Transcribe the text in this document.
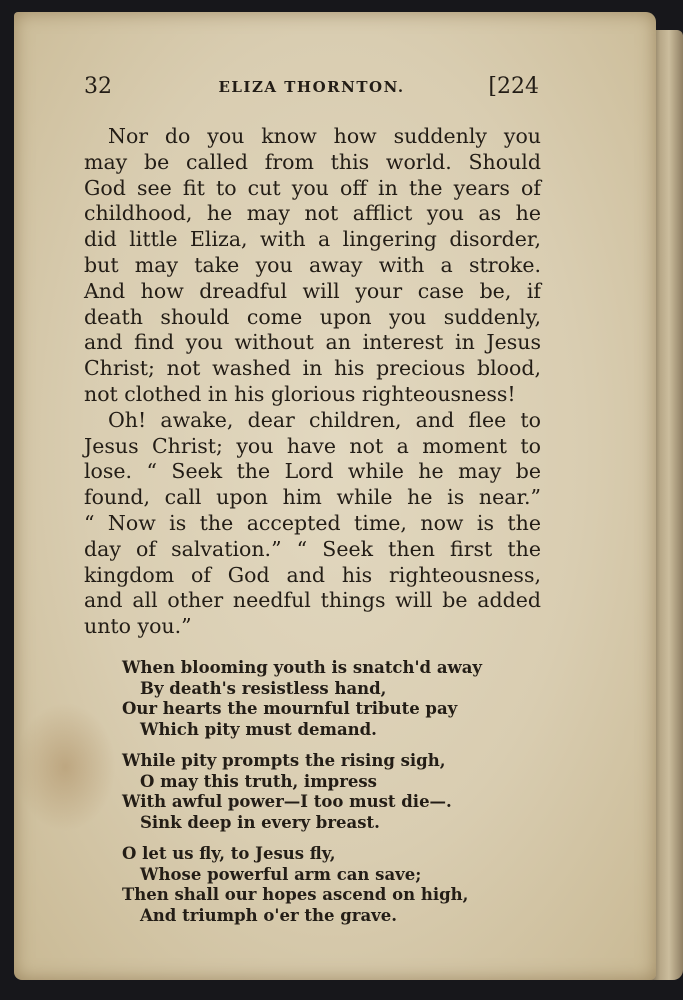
32	ELIZA THORNTON.	[224
Nor do you know how suddenly you
may be called from this world. Should
God see fit to cut you off in the years of
childhood, he may not afflict you as he
did little Eliza, with a lingering disorder,
but may take you away with a stroke.
And how dreadful will your case be, if
death should come upon you suddenly,
and find you without an interest in Jesus
Christ; not washed in his precious blood,
not clothed in his glorious righteousness!
Oh! awake, dear children, and flee to
Jesus Christ; you have not a moment to
lose. “ Seek the Lord while he may be
found, call upon him while he is near.”
“ Now is the accepted time, now is the
day of salvation.” “ Seek then first the
kingdom of God and his righteousness,
and all other needful things will be added
unto you.”
When blooming youth is snatch'd away
By death's resistless hand,
Our hearts the mournful tribute pay
Which pity must demand.
While pity prompts the rising sigh,
O may this truth, impress
With awful power—I too must die—.
Sink deep in every breast.
O let us fly, to Jesus fly,
Whose powerful arm can save;
Then shall our hopes ascend on high,
And triumph o'er the grave.
